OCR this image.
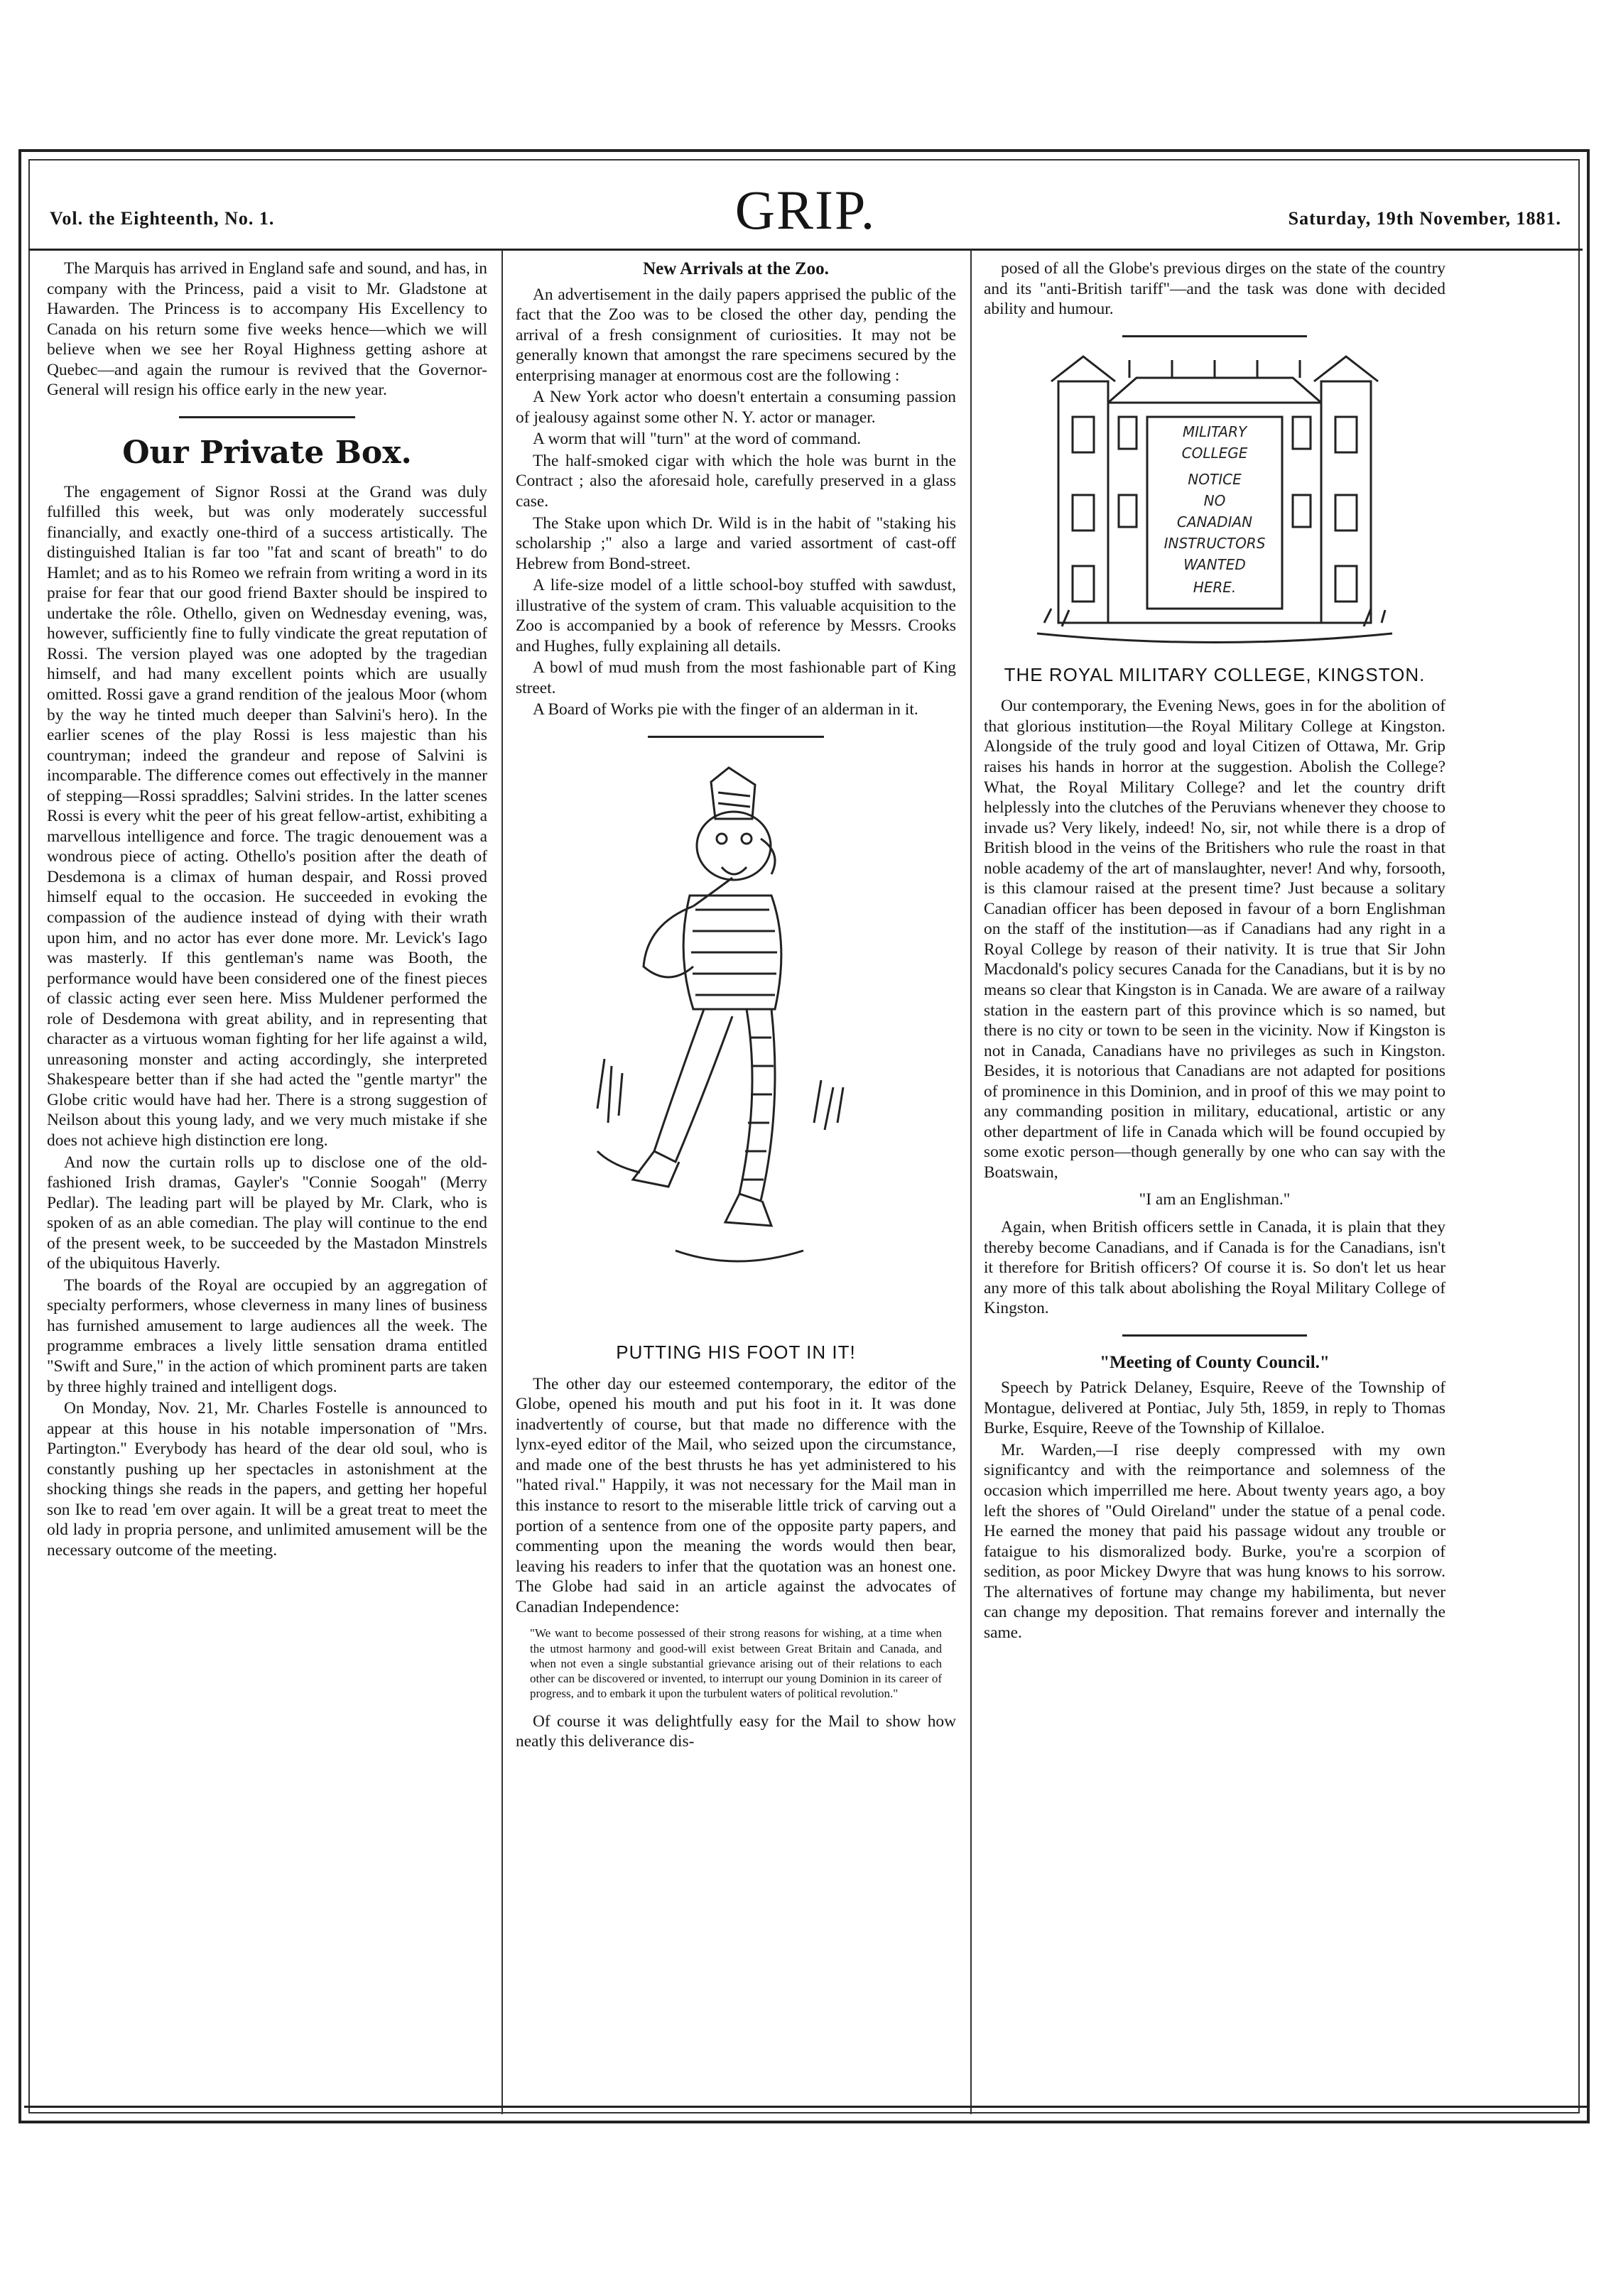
Vol. the Eighteenth, No. 1.	GRIP.	Saturday, 19th November, 1881.

The Marquis has arrived in England safe and sound, and has, in company with the Princess, paid a visit to Mr. Gladstone at Hawarden. The Princess is to accompany His Excellency to Canada on his return some five weeks hence—which we will believe when we see her Royal Highness getting ashore at Quebec—and again the rumour is revived that the Governor-General will resign his office early in the new year.

Our Private Box.

The engagement of Signor Rossi at the Grand was duly fulfilled this week, but was only moderately successful financially, and exactly one-third of a success artistically. The distinguished Italian is far too "fat and scant of breath" to do Hamlet; and as to his Romeo we refrain from writing a word in its praise for fear that our good friend Baxter should be inspired to undertake the rôle. Othello, given on Wednesday evening, was, however, sufficiently fine to fully vindicate the great reputation of Rossi. The version played was one adopted by the tragedian himself, and had many excellent points which are usually omitted. Rossi gave a grand rendition of the jealous Moor (whom by the way he tinted much deeper than Salvini's hero). In the earlier scenes of the play Rossi is less majestic than his countryman; indeed the grandeur and repose of Salvini is incomparable. The difference comes out effectively in the manner of stepping—Rossi spraddles; Salvini strides. In the latter scenes Rossi is every whit the peer of his great fellow-artist, exhibiting a marvellous intelligence and force. The tragic denouement was a wondrous piece of acting. Othello's position after the death of Desdemona is a climax of human despair, and Rossi proved himself equal to the occasion. He succeeded in evoking the compassion of the audience instead of dying with their wrath upon him, and no actor has ever done more. Mr. Levick's Iago was masterly. If this gentleman's name was Booth, the performance would have been considered one of the finest pieces of classic acting ever seen here. Miss Muldener performed the role of Desdemona with great ability, and in representing that character as a virtuous woman fighting for her life against a wild, unreasoning monster and acting accordingly, she interpreted Shakespeare better than if she had acted the "gentle martyr" the Globe critic would have had her. There is a strong suggestion of Neilson about this young lady, and we very much mistake if she does not achieve high distinction ere long.

And now the curtain rolls up to disclose one of the old-fashioned Irish dramas, Gayler's "Connie Soogah" (Merry Pedlar). The leading part will be played by Mr. Clark, who is spoken of as an able comedian. The play will continue to the end of the present week, to be succeeded by the Mastadon Minstrels of the ubiquitous Haverly.

The boards of the Royal are occupied by an aggregation of specialty performers, whose cleverness in many lines of business has furnished amusement to large audiences all the week. The programme embraces a lively little sensation drama entitled "Swift and Sure," in the action of which prominent parts are taken by three highly trained and intelligent dogs.

On Monday, Nov. 21, Mr. Charles Fostelle is announced to appear at this house in his notable impersonation of "Mrs. Partington." Everybody has heard of the dear old soul, who is constantly pushing up her spectacles in astonishment at the shocking things she reads in the papers, and getting her hopeful son Ike to read 'em over again. It will be a great treat to meet the old lady in propria persone, and unlimited amusement will be the necessary outcome of the meeting.

New Arrivals at the Zoo.

An advertisement in the daily papers apprised the public of the fact that the Zoo was to be closed the other day, pending the arrival of a fresh consignment of curiosities. It may not be generally known that amongst the rare specimens secured by the enterprising manager at enormous cost are the following :

A New York actor who doesn't entertain a consuming passion of jealousy against some other N. Y. actor or manager.

A worm that will "turn" at the word of command.

The half-smoked cigar with which the hole was burnt in the Contract ; also the aforesaid hole, carefully preserved in a glass case.

The Stake upon which Dr. Wild is in the habit of "staking his scholarship ;" also a large and varied assortment of cast-off Hebrew from Bond-street.

A life-size model of a little school-boy stuffed with sawdust, illustrative of the system of cram. This valuable acquisition to the Zoo is accompanied by a book of reference by Messrs. Crooks and Hughes, fully explaining all details.

A bowl of mud mush from the most fashionable part of King street.

A Board of Works pie with the finger of an alderman in it.

PUTTING HIS FOOT IN IT!

The other day our esteemed contemporary, the editor of the Globe, opened his mouth and put his foot in it. It was done inadvertently of course, but that made no difference with the lynx-eyed editor of the Mail, who seized upon the circumstance, and made one of the best thrusts he has yet administered to his "hated rival." Happily, it was not necessary for the Mail man in this instance to resort to the miserable little trick of carving out a portion of a sentence from one of the opposite party papers, and commenting upon the meaning the words would then bear, leaving his readers to infer that the quotation was an honest one. The Globe had said in an article against the advocates of Canadian Independence:

"We want to become possessed of their strong reasons for wishing, at a time when the utmost harmony and good-will exist between Great Britain and Canada, and when not even a single substantial grievance arising out of their relations to each other can be discovered or invented, to interrupt our young Dominion in its career of progress, and to embark it upon the turbulent waters of political revolution."

Of course it was delightfully easy for the Mail to show how neatly this deliverance dis-

posed of all the Globe's previous dirges on the state of the country and its "anti-British tariff"—and the task was done with decided ability and humour.

MILITARY
COLLEGE
NOTICE
NO
CANADIAN
INSTRUCTORS
WANTED
HERE.
THE ROYAL MILITARY COLLEGE, KINGSTON.

Our contemporary, the Evening News, goes in for the abolition of that glorious institution—the Royal Military College at Kingston. Alongside of the truly good and loyal Citizen of Ottawa, Mr. Grip raises his hands in horror at the suggestion. Abolish the College? What, the Royal Military College? and let the country drift helplessly into the clutches of the Peruvians whenever they choose to invade us? Very likely, indeed! No, sir, not while there is a drop of British blood in the veins of the Britishers who rule the roast in that noble academy of the art of manslaughter, never! And why, forsooth, is this clamour raised at the present time? Just because a solitary Canadian officer has been deposed in favour of a born Englishman on the staff of the institution—as if Canadians had any right in a Royal College by reason of their nativity. It is true that Sir John Macdonald's policy secures Canada for the Canadians, but it is by no means so clear that Kingston is in Canada. We are aware of a railway station in the eastern part of this province which is so named, but there is no city or town to be seen in the vicinity. Now if Kingston is not in Canada, Canadians have no privileges as such in Kingston. Besides, it is notorious that Canadians are not adapted for positions of prominence in this Dominion, and in proof of this we may point to any commanding position in military, educational, artistic or any other department of life in Canada which will be found occupied by some exotic person—though generally by one who can say with the Boatswain,

"I am an Englishman."

Again, when British officers settle in Canada, it is plain that they thereby become Canadians, and if Canada is for the Canadians, isn't it therefore for British officers? Of course it is. So don't let us hear any more of this talk about abolishing the Royal Military College of Kingston.

"Meeting of County Council."

Speech by Patrick Delaney, Esquire, Reeve of the Township of Montague, delivered at Pontiac, July 5th, 1859, in reply to Thomas Burke, Esquire, Reeve of the Township of Killaloe.

Mr. Warden,—I rise deeply compressed with my own significantcy and with the reimportance and solemness of the occasion which imperrilled me here. About twenty years ago, a boy left the shores of "Ould Oireland" under the statue of a penal code. He earned the money that paid his passage widout any trouble or fataigue to his dismoralized body. Burke, you're a scorpion of sedition, as poor Mickey Dwyre that was hung knows to his sorrow. The alternatives of fortune may change my habilimenta, but never can change my deposition. That remains forever and internally the same.
